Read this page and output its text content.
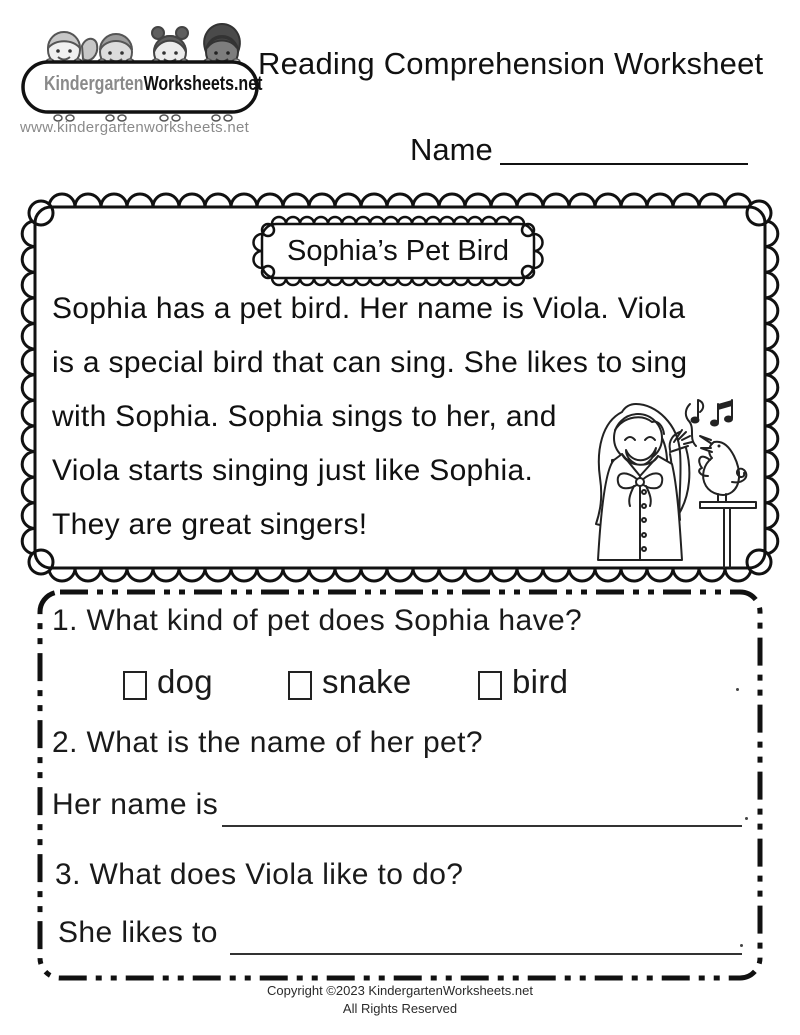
KindergartenWorksheets.net
www.kindergartenworksheets.net
Reading Comprehension Worksheet
Name
Sophia’s Pet Bird
Sophia has a pet bird. Her name is Viola. Viola
is a special bird that can sing. She likes to sing
with Sophia. Sophia sings to her, and
Viola starts singing just like Sophia.
They are great singers!
1. What kind of pet does Sophia have?
dog	snake	bird
2. What is the name of her pet?
Her name is
3. What does Viola like to do?
She likes to
Copyright ©2023 KindergartenWorksheets.net
All Rights Reserved
